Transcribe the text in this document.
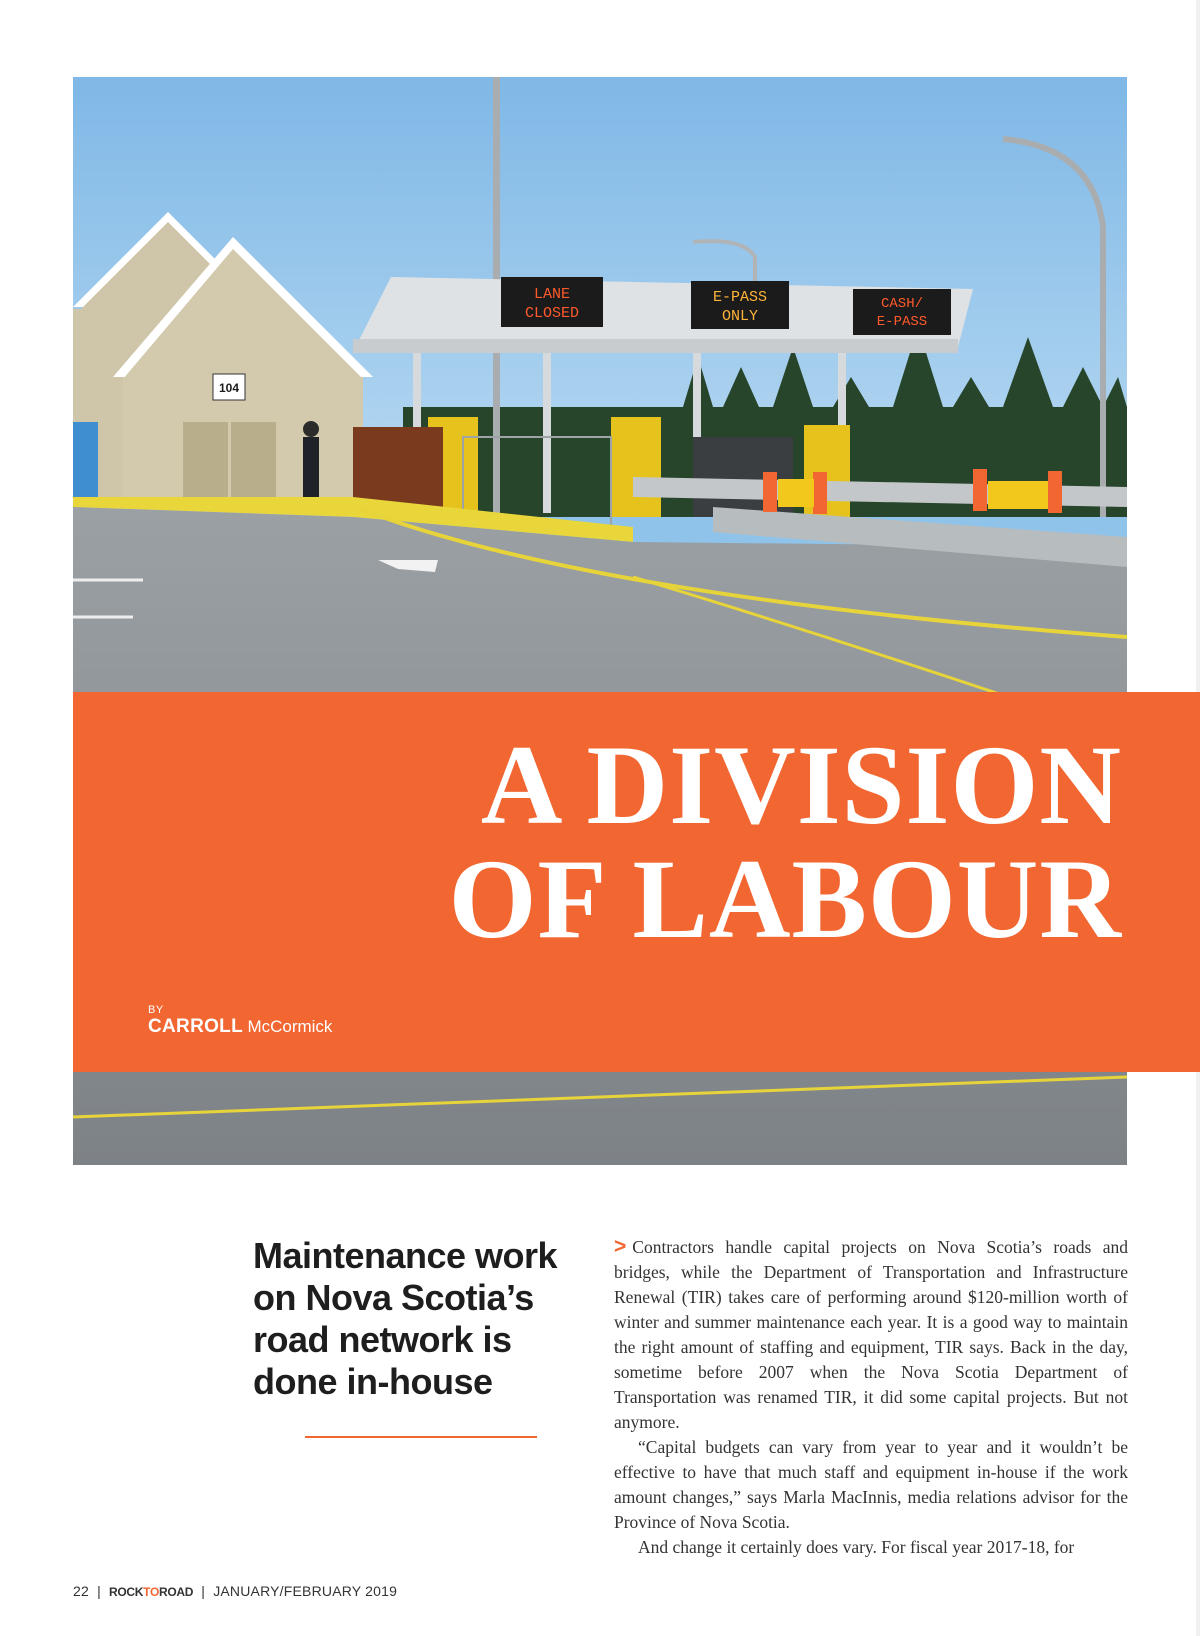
LANE
CLOSED
E-PASS
ONLY
CASH/
E-PASS
104
A DIVISION
OF LABOUR
BY
CARROLL McCormick
Maintenance work on Nova Scotia’s road network is done in-house

> Contractors handle capital projects on Nova Scotia’s roads and bridges, while the Department of Transportation and Infrastructure Renewal (TIR) takes care of performing around $120-million worth of winter and summer maintenance each year. It is a good way to maintain the right amount of staffing and equipment, TIR says. Back in the day, sometime before 2007 when the Nova Scotia Department of Transportation was renamed TIR, it did some capital projects. But not anymore.

“Capital budgets can vary from year to year and it wouldn’t be effective to have that much staff and equipment in-house if the work amount changes,” says Marla MacInnis, media relations advisor for the Province of Nova Scotia.

And change it certainly does vary. For fiscal year 2017-18, for

22 | ROCKTOROAD | JANUARY/FEBRUARY 2019
